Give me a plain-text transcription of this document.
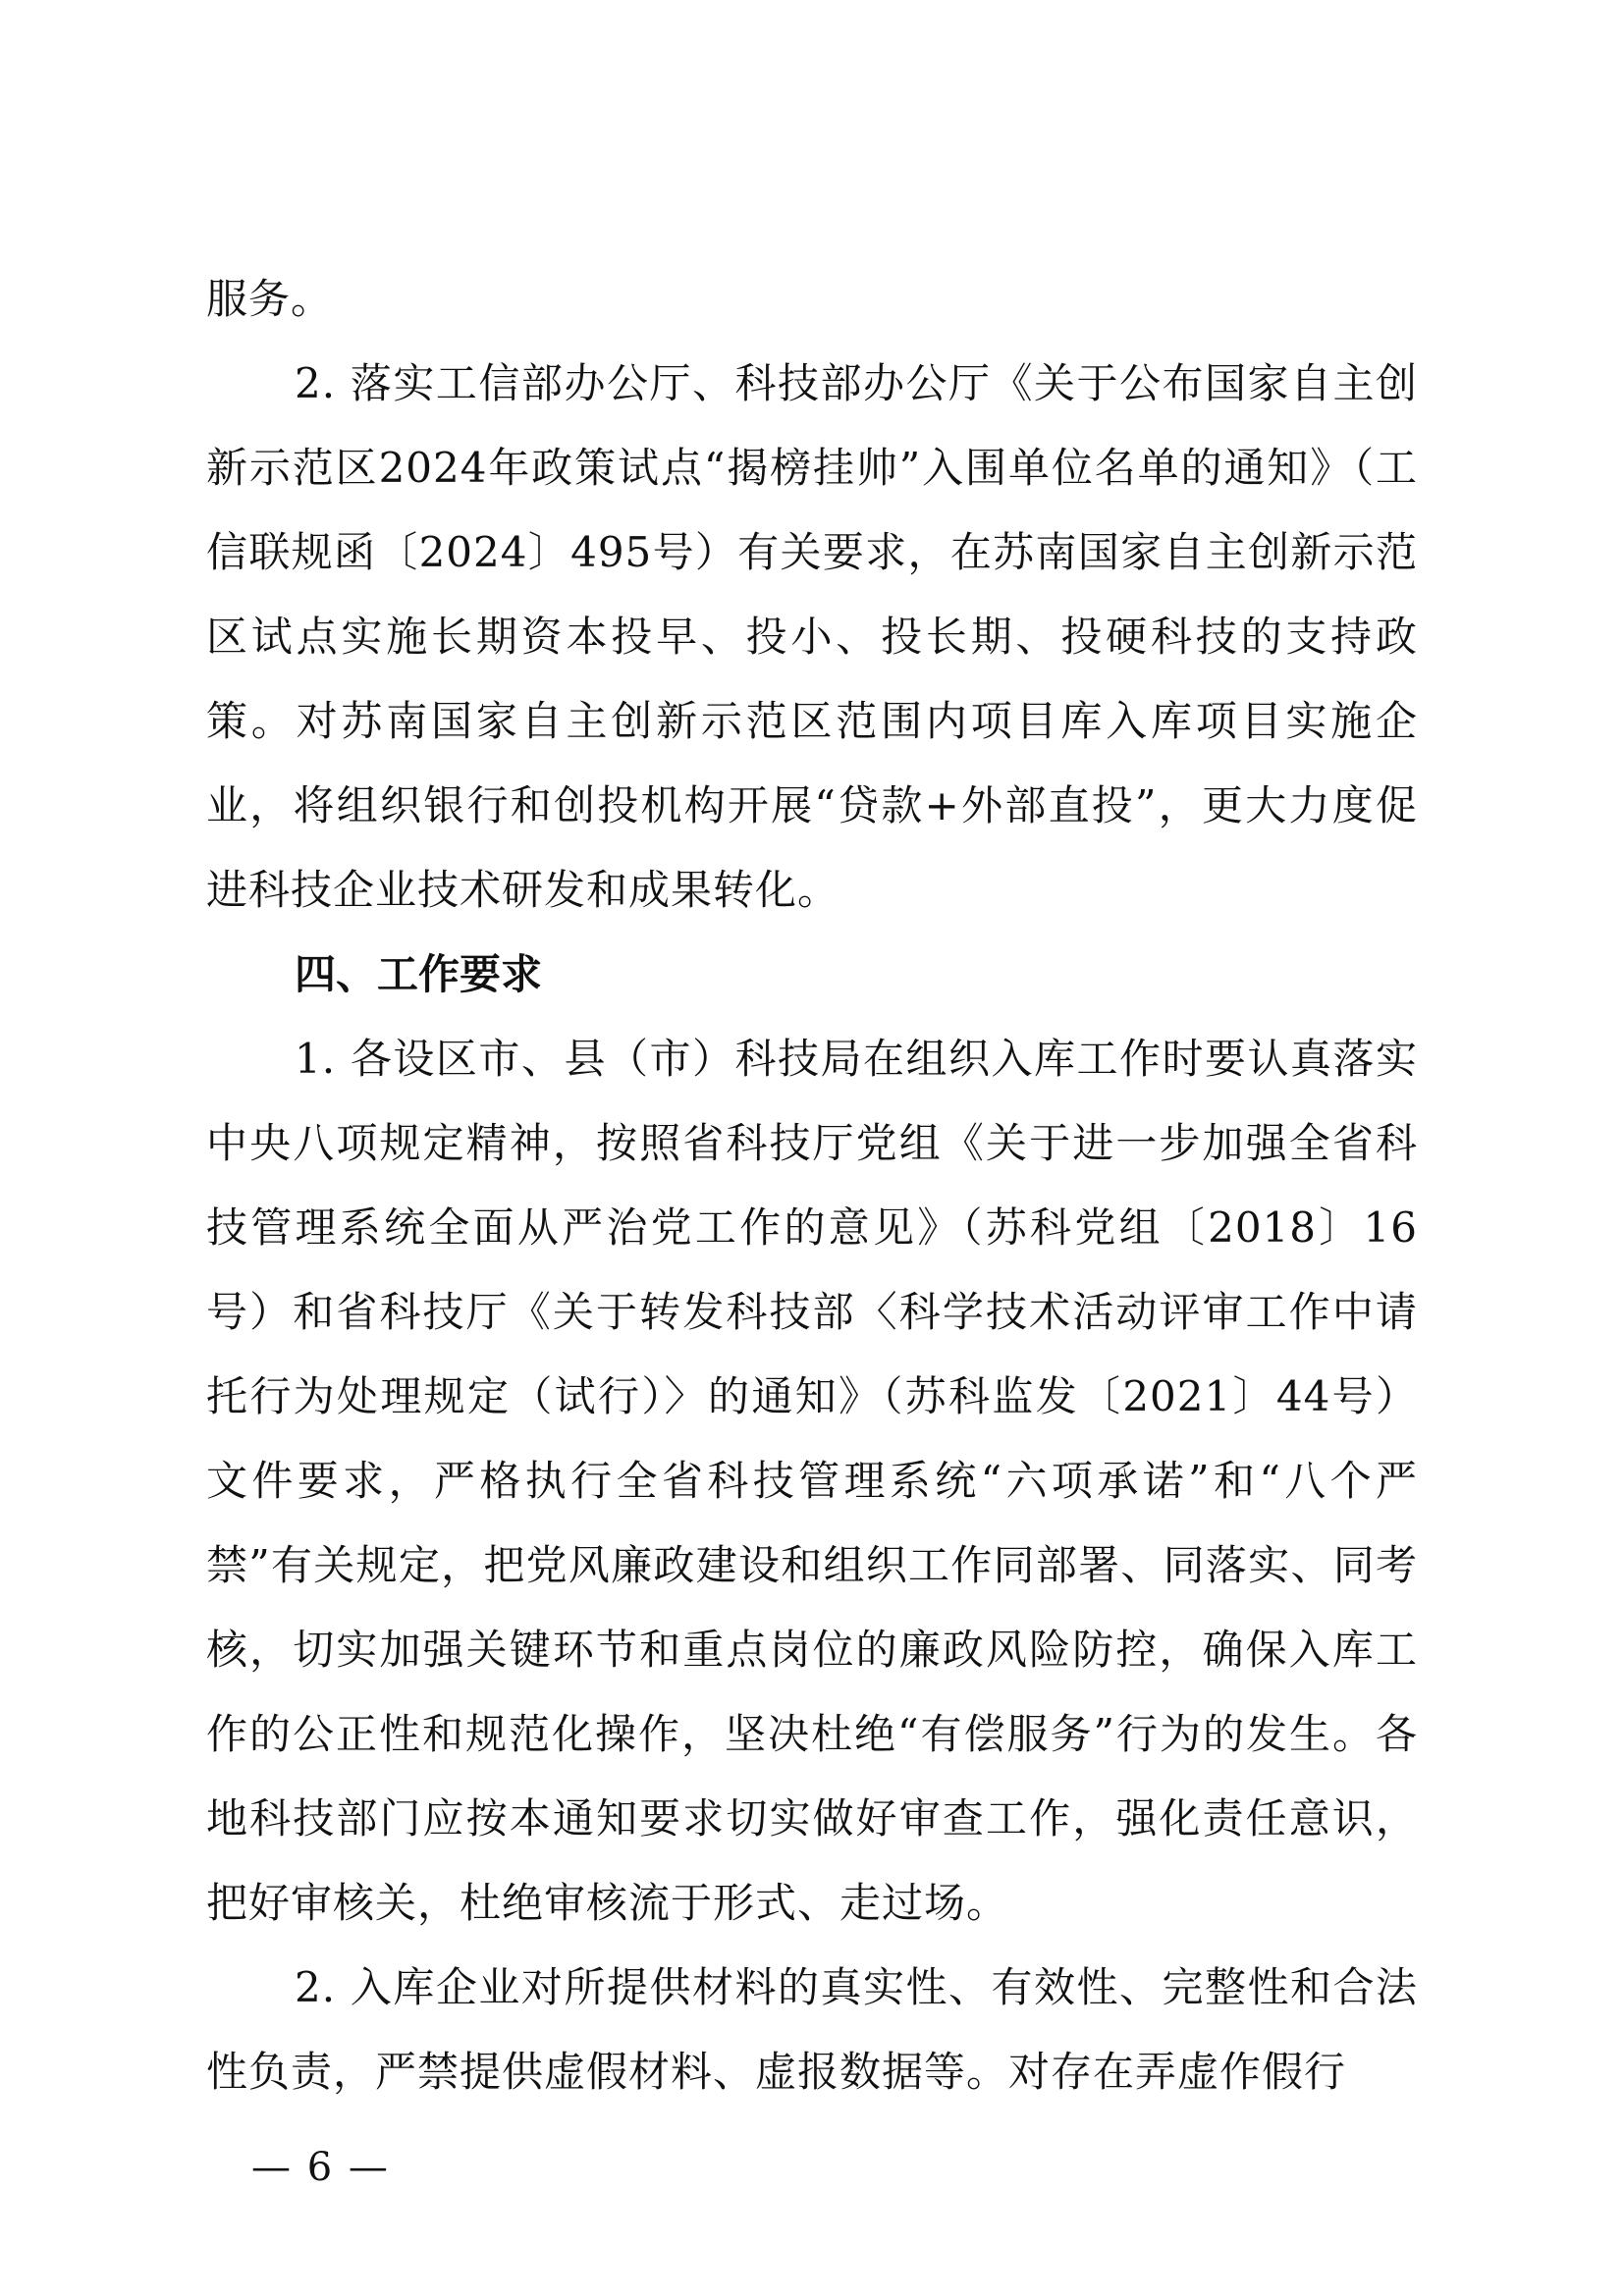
服务。

2. 落实工信部办公厅、科技部办公厅《关于公布国家自主创新示范区2024年政策试点“揭榜挂帅”入围单位名单的通知》（工信联规函〔2024〕495号）有关要求，在苏南国家自主创新示范区试点实施长期资本投早、投小、投长期、投硬科技的支持政策。对苏南国家自主创新示范区范围内项目库入库项目实施企业，将组织银行和创投机构开展“贷款+外部直投”，更大力度促进科技企业技术研发和成果转化。

四、工作要求

1. 各设区市、县（市）科技局在组织入库工作时要认真落实中央八项规定精神，按照省科技厅党组《关于进一步加强全省科技管理系统全面从严治党工作的意见》（苏科党组〔2018〕16号）和省科技厅《关于转发科技部〈科学技术活动评审工作中请托行为处理规定（试行）〉的通知》（苏科监发〔2021〕44号）文件要求，严格执行全省科技管理系统“六项承诺”和“八个严禁”有关规定，把党风廉政建设和组织工作同部署、同落实、同考核，切实加强关键环节和重点岗位的廉政风险防控，确保入库工作的公正性和规范化操作，坚决杜绝“有偿服务”行为的发生。各地科技部门应按本通知要求切实做好审查工作，强化责任意识，把好审核关，杜绝审核流于形式、走过场。

2. 入库企业对所提供材料的真实性、有效性、完整性和合法性负责，严禁提供虚假材料、虚报数据等。对存在弄虚作假行

— 6 —
